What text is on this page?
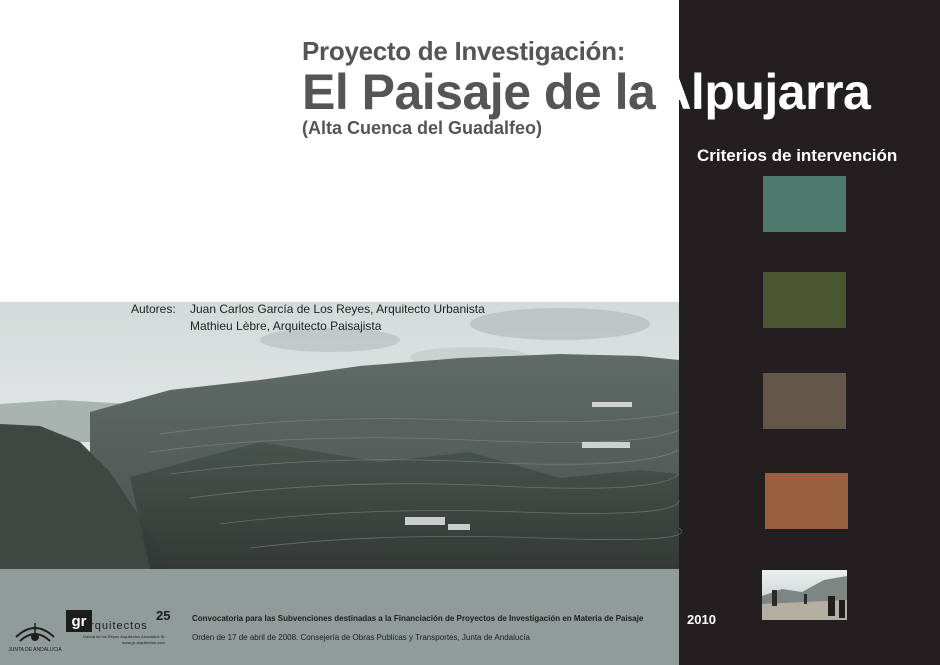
Proyecto de Investigación:
El Paisaje de laAlpujarra
(Alta Cuenca del Guadalfeo)
Criterios de intervención
Autores: Juan Carlos García de Los Reyes, Arquitecto Urbanista
Mathieu Lèbre, Arquitecto Paisajista
JUNTA DE ANDALUCIA
gr
arquitectos
25
García de los Reyes Arquitectos Asociados SL
www.gr-arquitectos.com
Convocatoria para las Subvenciones destinadas a la Financiación de Proyectos de Investigación en Materia de Paisaje
Orden de 17 de abril de 2008. Consejería de Obras Publicas y Transportes, Junta de Andalucía
2010
